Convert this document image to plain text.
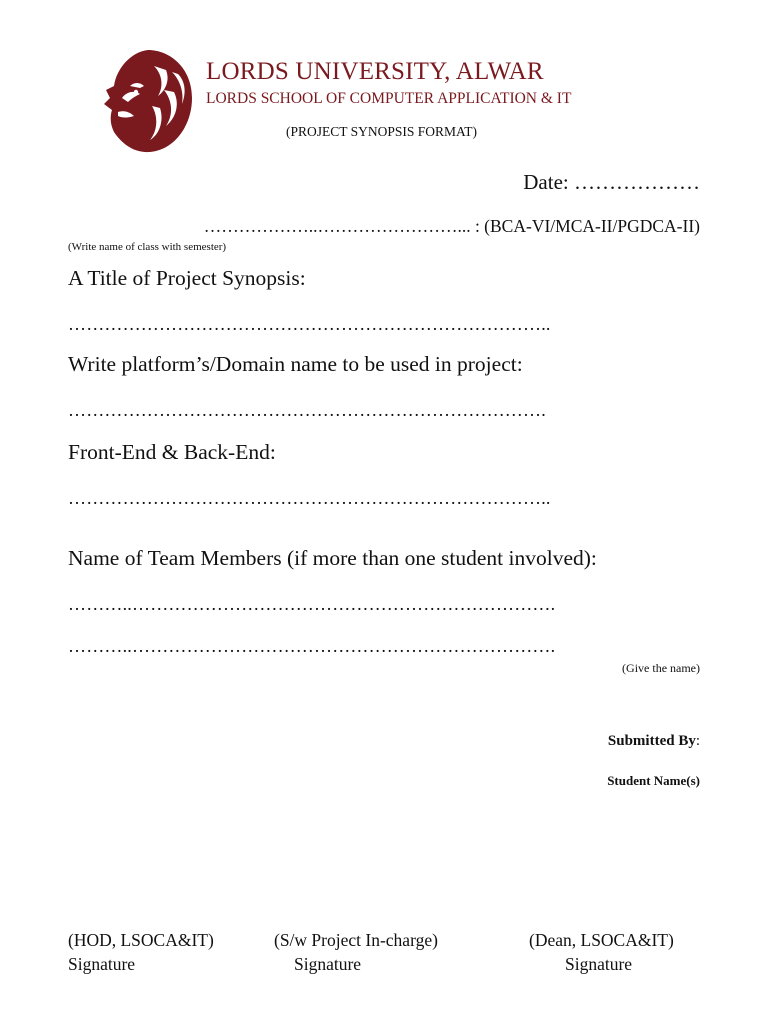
LORDS UNIVERSITY, ALWAR
LORDS SCHOOL OF COMPUTER APPLICATION & IT
(PROJECT SYNOPSIS FORMAT)
Date: ………………
………………..……………………... : (BCA-VI/MCA-II/PGDCA-II)
(Write name of class with semester)
A Title of Project Synopsis:
……………………………………………………………………..
Write platform’s/Domain name to be used in project:
…………………………………………………………………….
Front-End & Back-End:
……………………………………………………………………..
Name of Team Members (if more than one student involved):
………..…………………………………………………………….
………..…………………………………………………………….
(Give the name)
Submitted By:
Student Name(s)
(HOD, LSOCA&IT)
Signature
(S/w Project In-charge)
Signature
(Dean, LSOCA&IT)
Signature
